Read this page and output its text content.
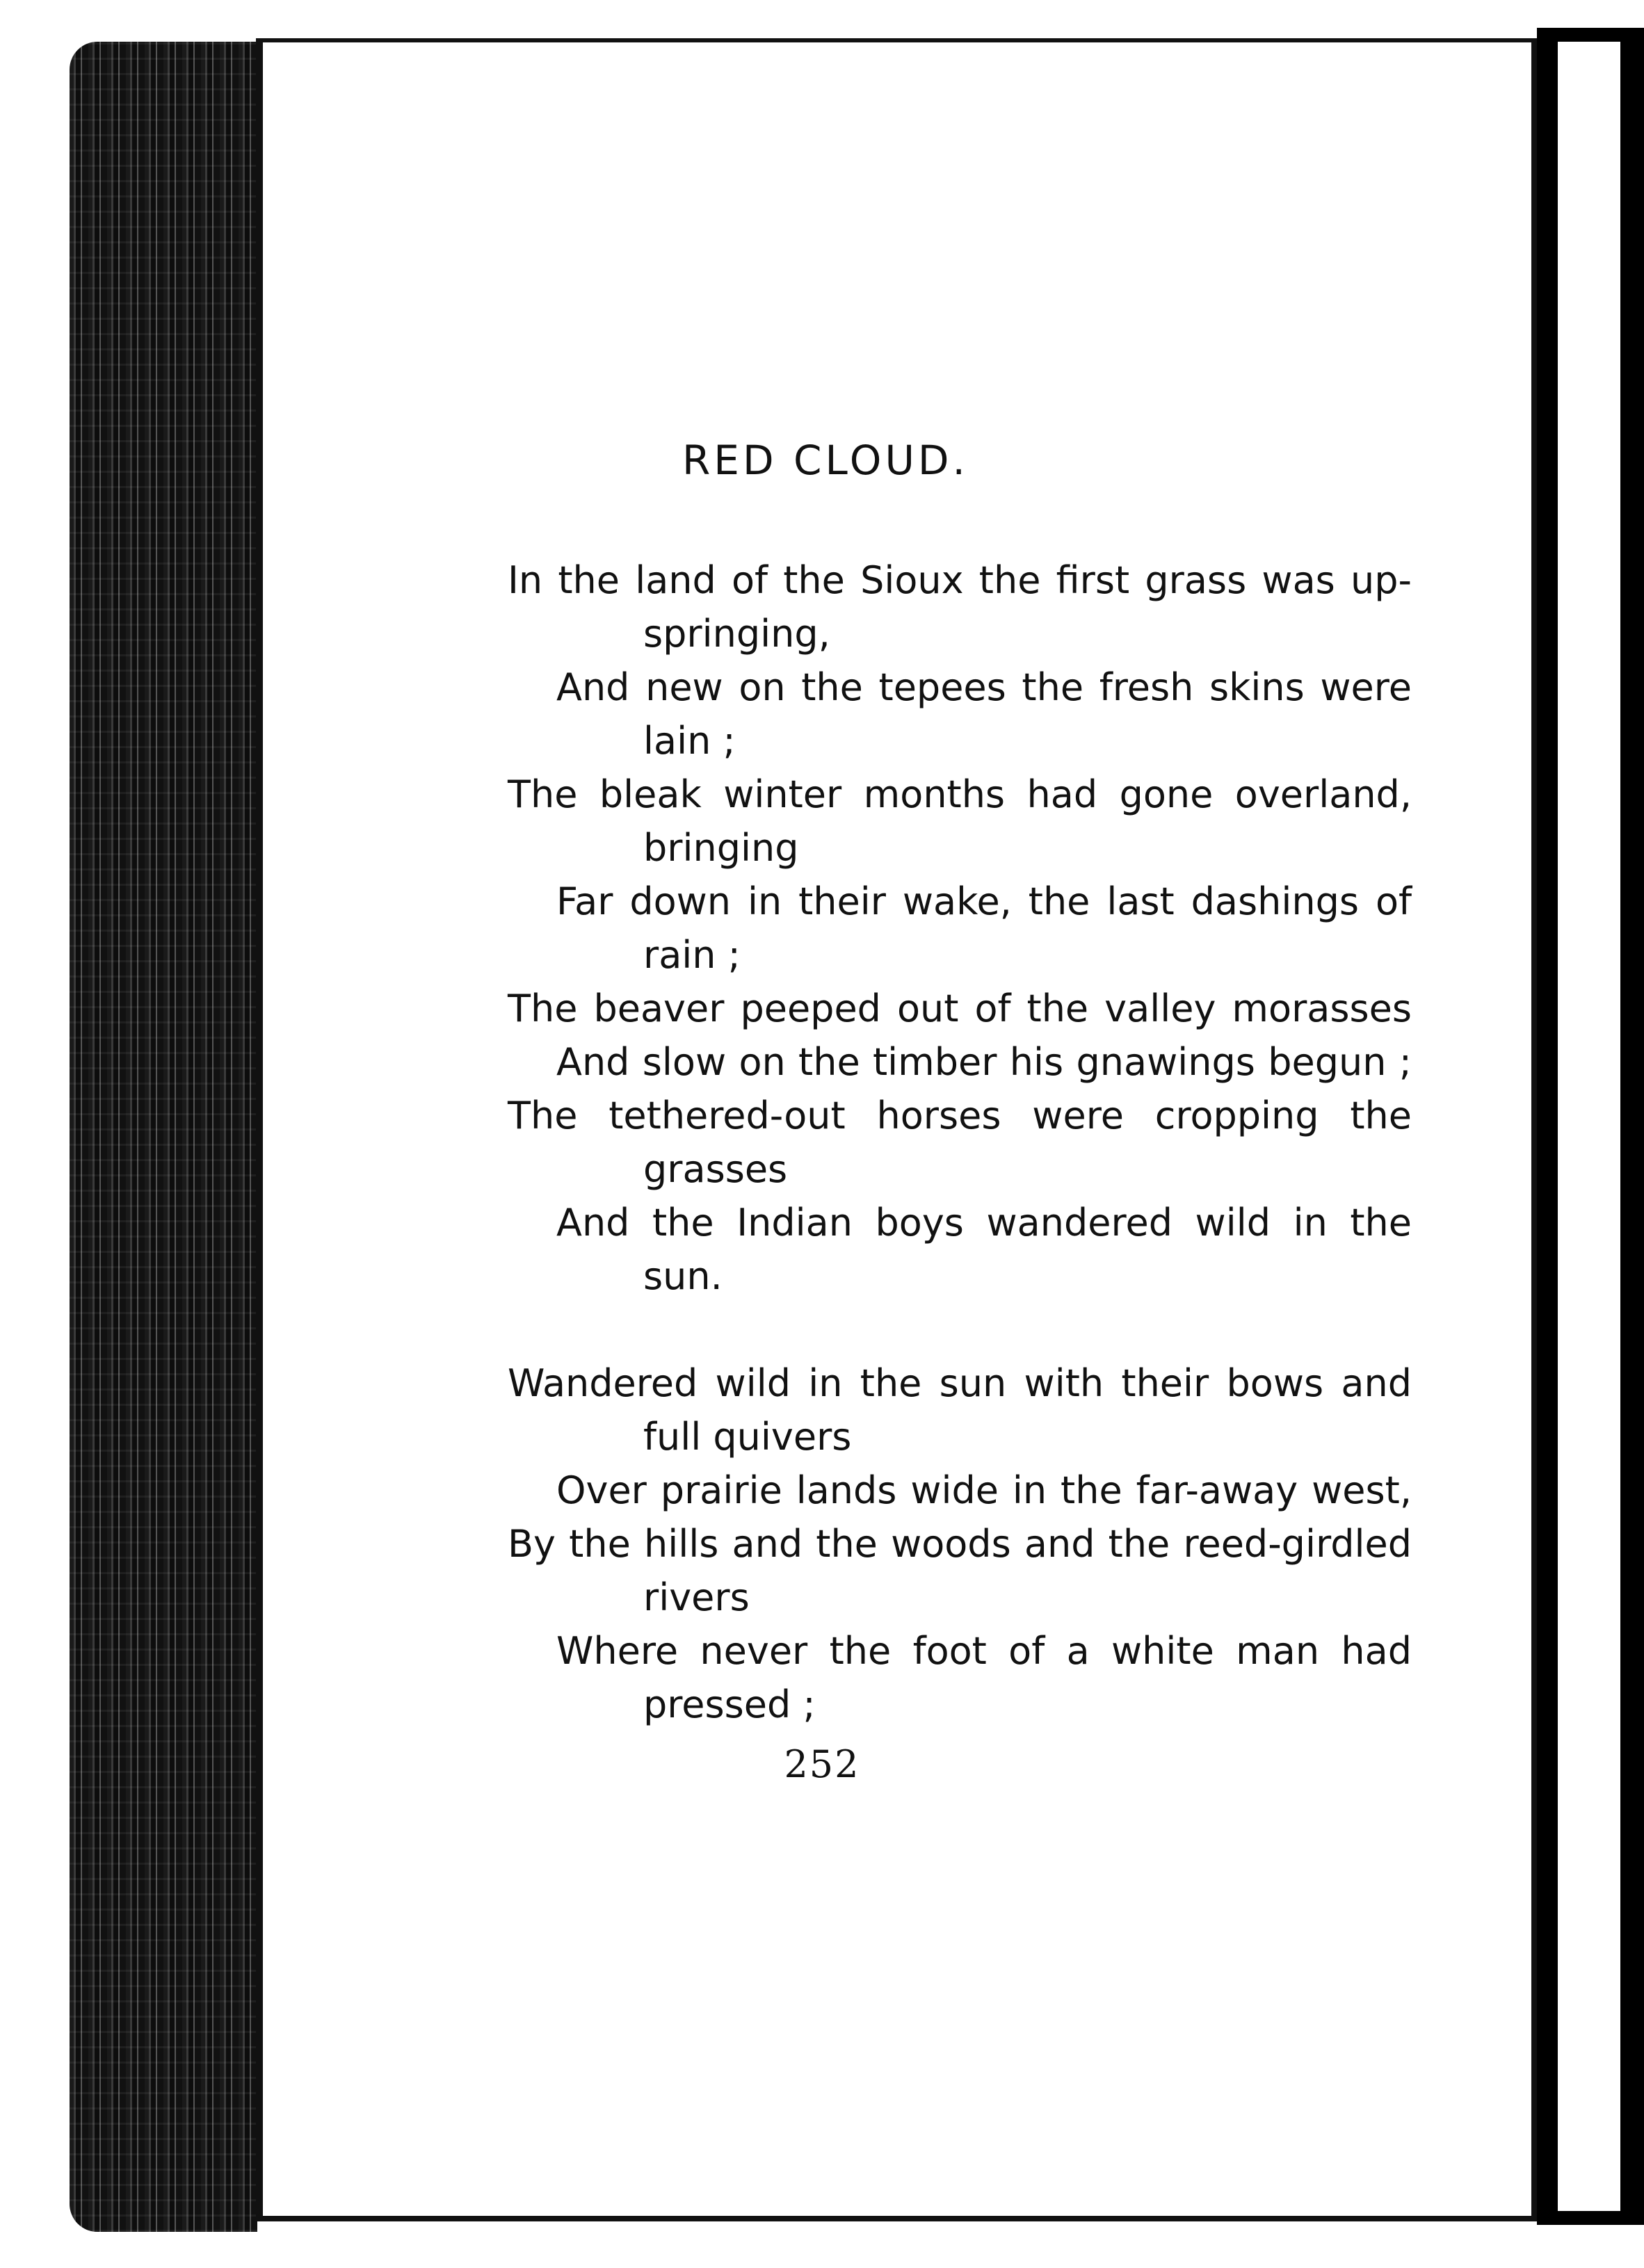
RED CLOUD.
In the land of the Sioux the first grass was up-
springing,
And new on the tepees the fresh skins were
lain ;
The bleak winter months had gone overland,
bringing
Far down in their wake, the last dashings of
rain ;
The beaver peeped out of the valley morasses
And slow on the timber his gnawings begun ;
The tethered-out horses were cropping the
grasses
And the Indian boys wandered wild in the
sun.
Wandered wild in the sun with their bows and
full quivers
Over prairie lands wide in the far-away west,
By the hills and the woods and the reed-girdled
rivers
Where never the foot of a white man had
pressed ;
252
